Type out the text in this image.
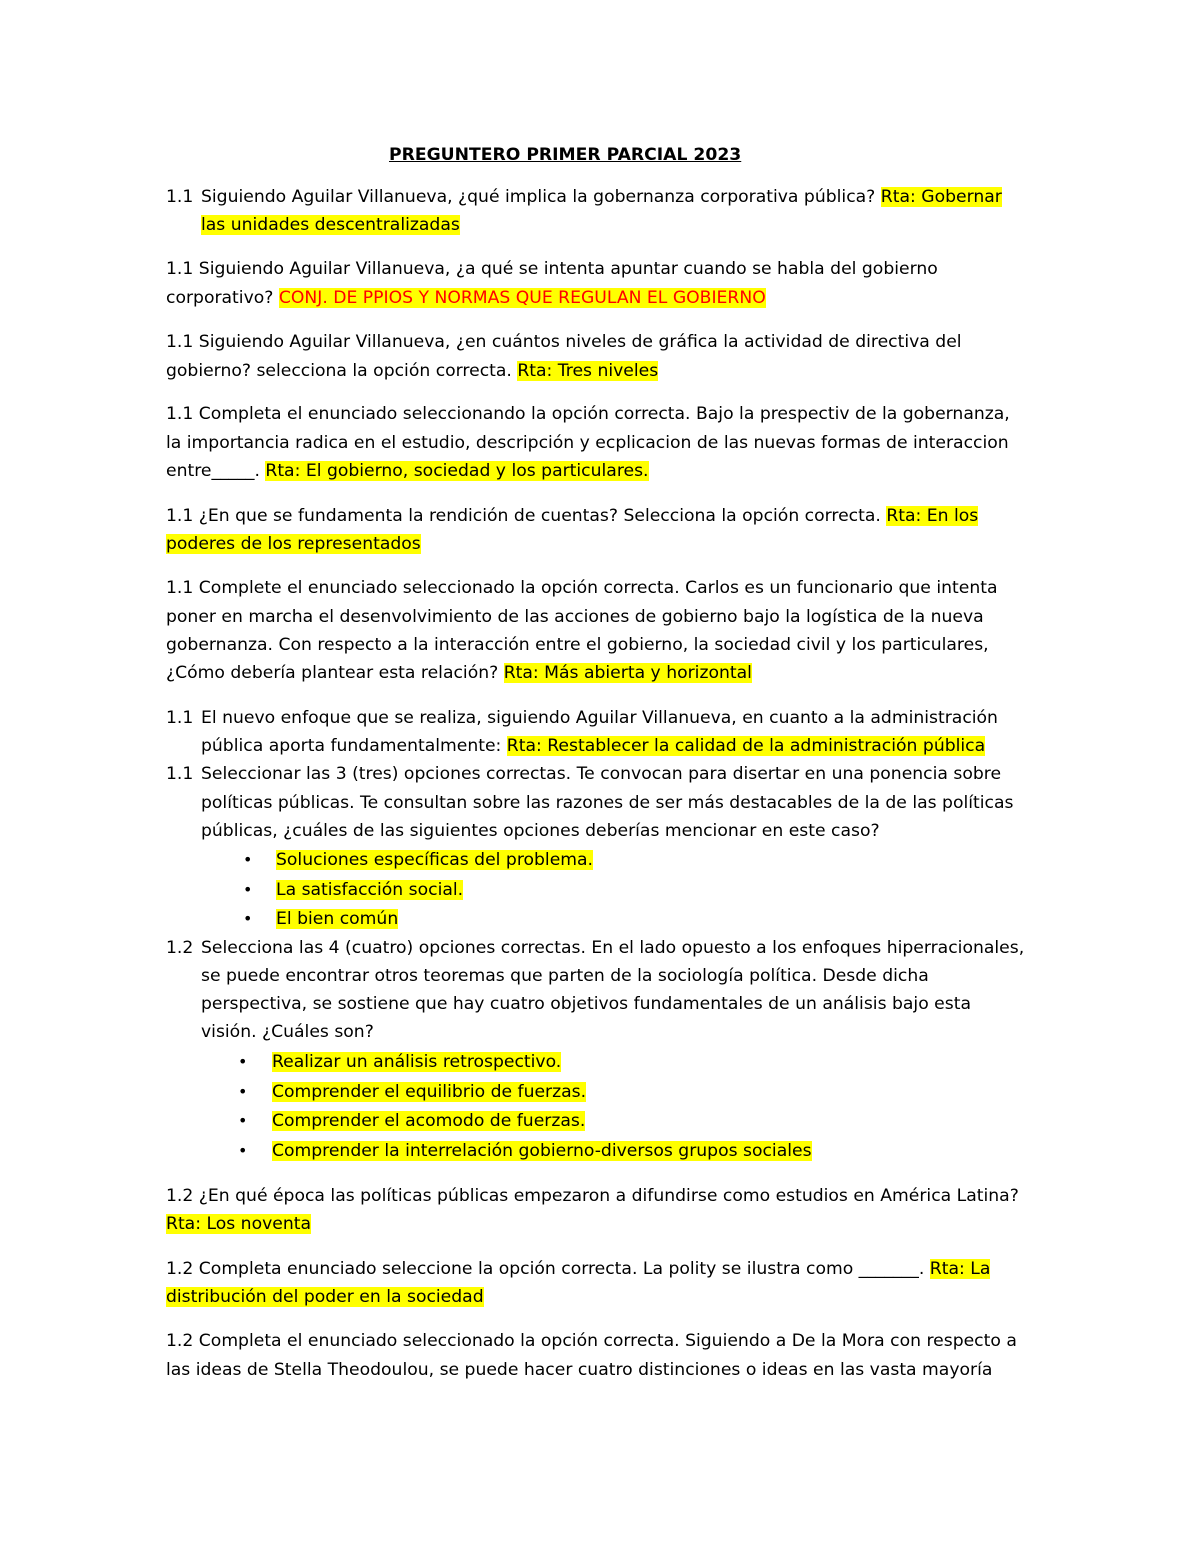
PREGUNTERO PRIMER PARCIAL 2023
1.1 Siguiendo Aguilar Villanueva, ¿qué implica la gobernanza corporativa pública? Rta: Gobernar
las unidades descentralizadas
1.1 Siguiendo Aguilar Villanueva, ¿a qué se intenta apuntar cuando se habla del gobierno
corporativo? CONJ. DE PPIOS Y NORMAS QUE REGULAN EL GOBIERNO
1.1 Siguiendo Aguilar Villanueva, ¿en cuántos niveles de gráfica la actividad de directiva del
gobierno? selecciona la opción correcta. Rta: Tres niveles
1.1 Completa el enunciado seleccionando la opción correcta. Bajo la prespectiv de la gobernanza,
la importancia radica en el estudio, descripción y ecplicacion de las nuevas formas de interaccion
entre_____. Rta: El gobierno, sociedad y los particulares.
1.1 ¿En que se fundamenta la rendición de cuentas? Selecciona la opción correcta. Rta: En los
poderes de los representados
1.1 Complete el enunciado seleccionado la opción correcta. Carlos es un funcionario que intenta
poner en marcha el desenvolvimiento de las acciones de gobierno bajo la logística de la nueva
gobernanza. Con respecto a la interacción entre el gobierno, la sociedad civil y los particulares,
¿Cómo debería plantear esta relación? Rta: Más abierta y horizontal
1.1 El nuevo enfoque que se realiza, siguiendo Aguilar Villanueva, en cuanto a la administración
pública aporta fundamentalmente: Rta: Restablecer la calidad de la administración pública
1.1 Seleccionar las 3 (tres) opciones correctas. Te convocan para disertar en una ponencia sobre
políticas públicas. Te consultan sobre las razones de ser más destacables de la de las políticas
públicas, ¿cuáles de las siguientes opciones deberías mencionar en este caso?
• Soluciones específicas del problema.
• La satisfacción social.
• El bien común
1.2 Selecciona las 4 (cuatro) opciones correctas. En el lado opuesto a los enfoques hiperracionales,
se puede encontrar otros teoremas que parten de la sociología política. Desde dicha
perspectiva, se sostiene que hay cuatro objetivos fundamentales de un análisis bajo esta
visión. ¿Cuáles son?
• Realizar un análisis retrospectivo.
• Comprender el equilibrio de fuerzas.
• Comprender el acomodo de fuerzas.
• Comprender la interrelación gobierno-diversos grupos sociales
1.2 ¿En qué época las políticas públicas empezaron a difundirse como estudios en América Latina?
Rta: Los noventa
1.2 Completa enunciado seleccione la opción correcta. La polity se ilustra como _______. Rta: La
distribución del poder en la sociedad
1.2 Completa el enunciado seleccionado la opción correcta. Siguiendo a De la Mora con respecto a
las ideas de Stella Theodoulou, se puede hacer cuatro distinciones o ideas en las vasta mayoría
